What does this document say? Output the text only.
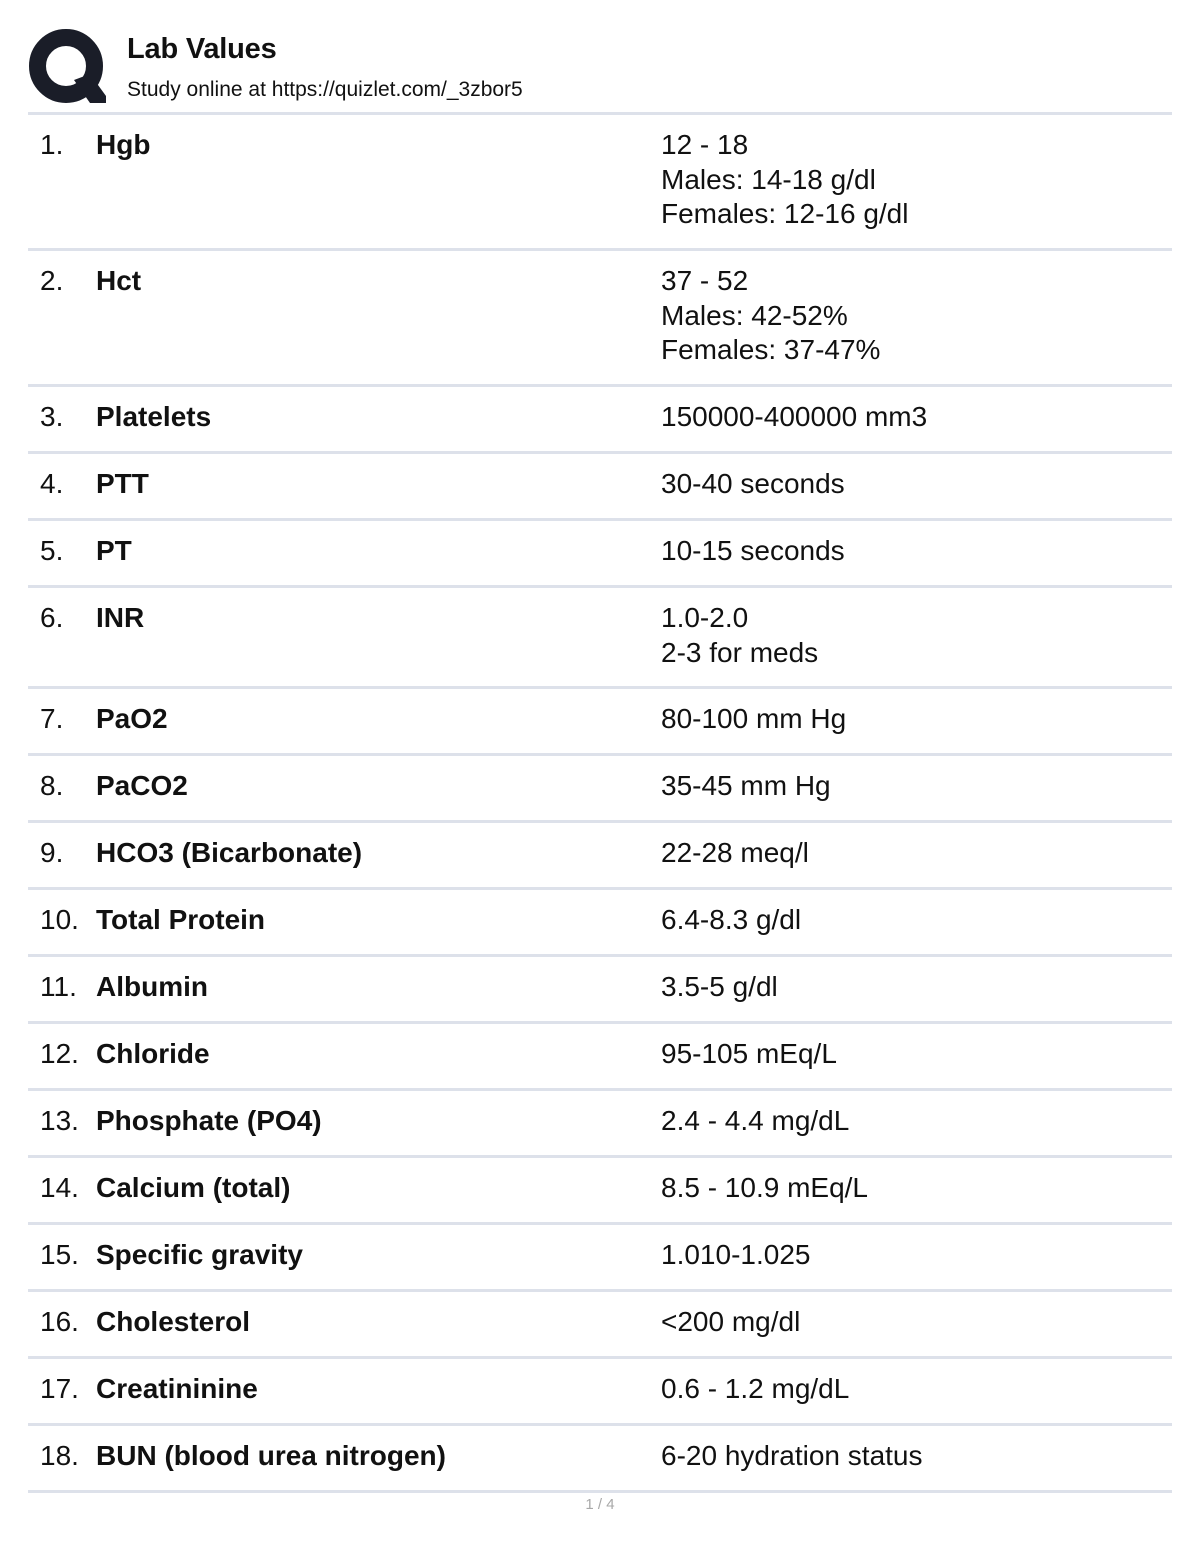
Lab Values
Study online at https://quizlet.com/_3zbor5
1. Hgb	12 - 18
Males: 14-18 g/dl
Females: 12-16 g/dl
2. Hct	37 - 52
Males: 42-52%
Females: 37-47%
3. Platelets	150000-400000 mm3
4. PTT	30-40 seconds
5. PT	10-15 seconds
6. INR	1.0-2.0
2-3 for meds
7. PaO2	80-100 mm Hg
8. PaCO2	35-45 mm Hg
9. HCO3 (Bicarbonate)	22-28 meq/l
10. Total Protein	6.4-8.3 g/dl
11. Albumin	3.5-5 g/dl
12. Chloride	95-105 mEq/L
13. Phosphate (PO4)	2.4 - 4.4 mg/dL
14. Calcium (total)	8.5 - 10.9 mEq/L
15. Specific gravity	1.010-1.025
16. Cholesterol	<200 mg/dl
17. Creatininine	0.6 - 1.2 mg/dL
18. BUN (blood urea nitrogen)	6-20 hydration status
1 / 4
